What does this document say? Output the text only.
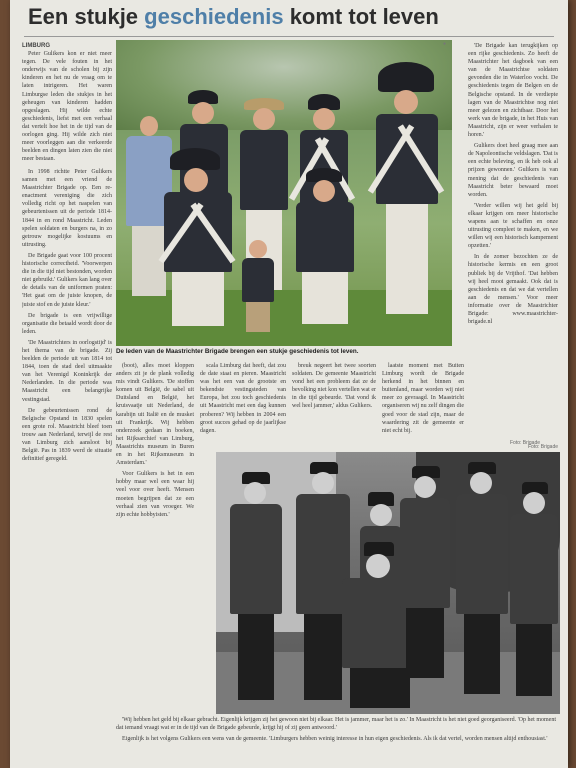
Een stukje geschiedenis komt tot leven
LIMBURG

Peter Gulikers kon er niet meer tegen. De vele fouten in het onderwijs van de scholen bij zijn kinderen en het nu de vraag om te laten intrigeren. Het waren Limburgse leden die stukjes in het geheugen van kinderen hadden opgeslagen. Hij wilde echte geschiedenis, liefst met een verhaal dat vertelt hoe het in de tijd van de oorlogen ging. Hij wilde zich niet meer voorleggen aan die verkeerde beelden en dingen laten zien die niet meer bestaan.

In 1998 richtte Peter Gulikers samen met een vriend de Maastrichter Brigade op. Een re-enactment vereniging die zich volledig richt op het naspelen van gebeurtenissen uit de periode 1814-1844 in en rond Maastricht. Leden spelen soldaten en burgers na, in zo getrouw mogelijke kostuums en uitrusting.

De Brigade gaat voor 100 procent historische correctheid. 'Voorwerpen die in die tijd niet bestonden, worden niet gebruikt.' Gulikers kan lang over de details van de uniformen praten: 'Het gaat om de juiste knopen, de juiste stof en de juiste kleur.'

De brigade is een vrijwillige organisatie die betaald wordt door de leden.

'De Maastrichters in oorlogstijd' is het thema van de brigade. Zij beelden de periode uit van 1814 tot 1844, toen de stad deel uitmaakte van het Verenigd Koninkrijk der Nederlanden. In die periode was Maastricht een belangrijke vestingstad.

De gebeurtenissen rond de Belgische Opstand in 1830 spelen een grote rol. Maastricht bleef toen trouw aan Nederland, terwijl de rest van Limburg zich aansloot bij België. Pas in 1839 werd de situatie definitief geregeld.

●
De leden van de Maastrichter Brigade brengen een stukje geschiedenis tot leven.

(boot), alles moet kloppen anders zit je de plank volledig mis vindt Gulikers. 'De stoffen komen uit België, de sabel uit Duitsland en België, het kruisvaatje uit Nederland, de karabijn uit Italië en de musket uit Frankrijk. Wij hebben onderzoek gedaan in boeken, het Rijksarchief van Limburg, Maastrichts museum in Buren en in het Rijksmuseum in Amsterdam.'

Voor Gulikers is het in een hobby maar wel een waar hij veel voor over heeft. 'Mensen moeten begrijpen dat ze een verhaal zien van vroeger. We zijn echte hobbyisten.'

scala Limburg dat heeft, dat zou de date staat en pieren. Maastricht was het een van de grootste en bekendste vestingsteden van Europa, het zou toch geschiedenis uit Maastricht met een dag kunnen proberen? Wij hebben in 2004 een groot succes gehad op de jaarlijkse dagen.

breuk negeert het twee soorten soldaten. De gemeente Maastricht vond het een probleem dat ze de bevolking niet kon vertellen wat er in die tijd gebeurde. 'Dat vond ik wel heel jammer,' aldus Gulikers.

laatste moment met Buiten Limburg wordt de Brigade herkend in het binnen en buitenland, maar worden wij niet meer zo gevraagd. In Maastricht organiseren wij nu zelf dingen die goed voor de stad zijn, maar de waardering zit de gemeente er niet echt bij.

Foto: Brigade

'De Brigade kan terugkijken op een rijke geschiedenis. Zo heeft de Maastrichter het dagboek van een van de Maastrichtse soldaten gevonden die in Waterloo vocht. De geschiedenis tegen de Belgen en de Belgische opstand. In de verdiepte lagen van de Maastrichtse nog niet meer gelezen en zichtbaar. Door het werk van de brigade, in het Huis van Maastricht, zijn er weer verhalen te horen.'

Gulikers doet heel graag mee aan de Napoleontische veldslagen. 'Dat is een echte beleving, en ik heb ook al prijzen gewonnen.' Gulikers is van mening dat de geschiedenis van Maastricht beter bewaard moet worden.

'Verder willen wij het geld bij elkaar krijgen om meer historische wapens aan te schaffen en onze uitrusting compleet te maken, en we willen wij een historisch kampement opzetten.'

In de zomer bezochten ze de historische kermis en een groot publiek bij de Vrijthof. 'Dat hebben wij heel mooi gemaakt. Ook dat is geschiedenis en dat we dat vertellen aan de mensen.' Voor meer informatie over de Maastrichter Brigade: www.maastrichter-brigade.nl

Foto: Brigade

'Wij hebben het geld bij elkaar gebracht. Eigenlijk krijgen zij het gewoon niet bij elkaar. Het is jammer, maar het is zo.' In Maastricht is het niet goed georganiseerd. 'Op het moment dat iemand vraagt wat er in de tijd van de Brigade gebeurde, krijgt hij of zij geen antwoord.'

Eigenlijk is het volgens Gulikers een wens van de gemeente. 'Limburgers hebben weinig interesse in hun eigen geschiedenis. Als ik dat vertel, worden mensen altijd enthousiast.'
